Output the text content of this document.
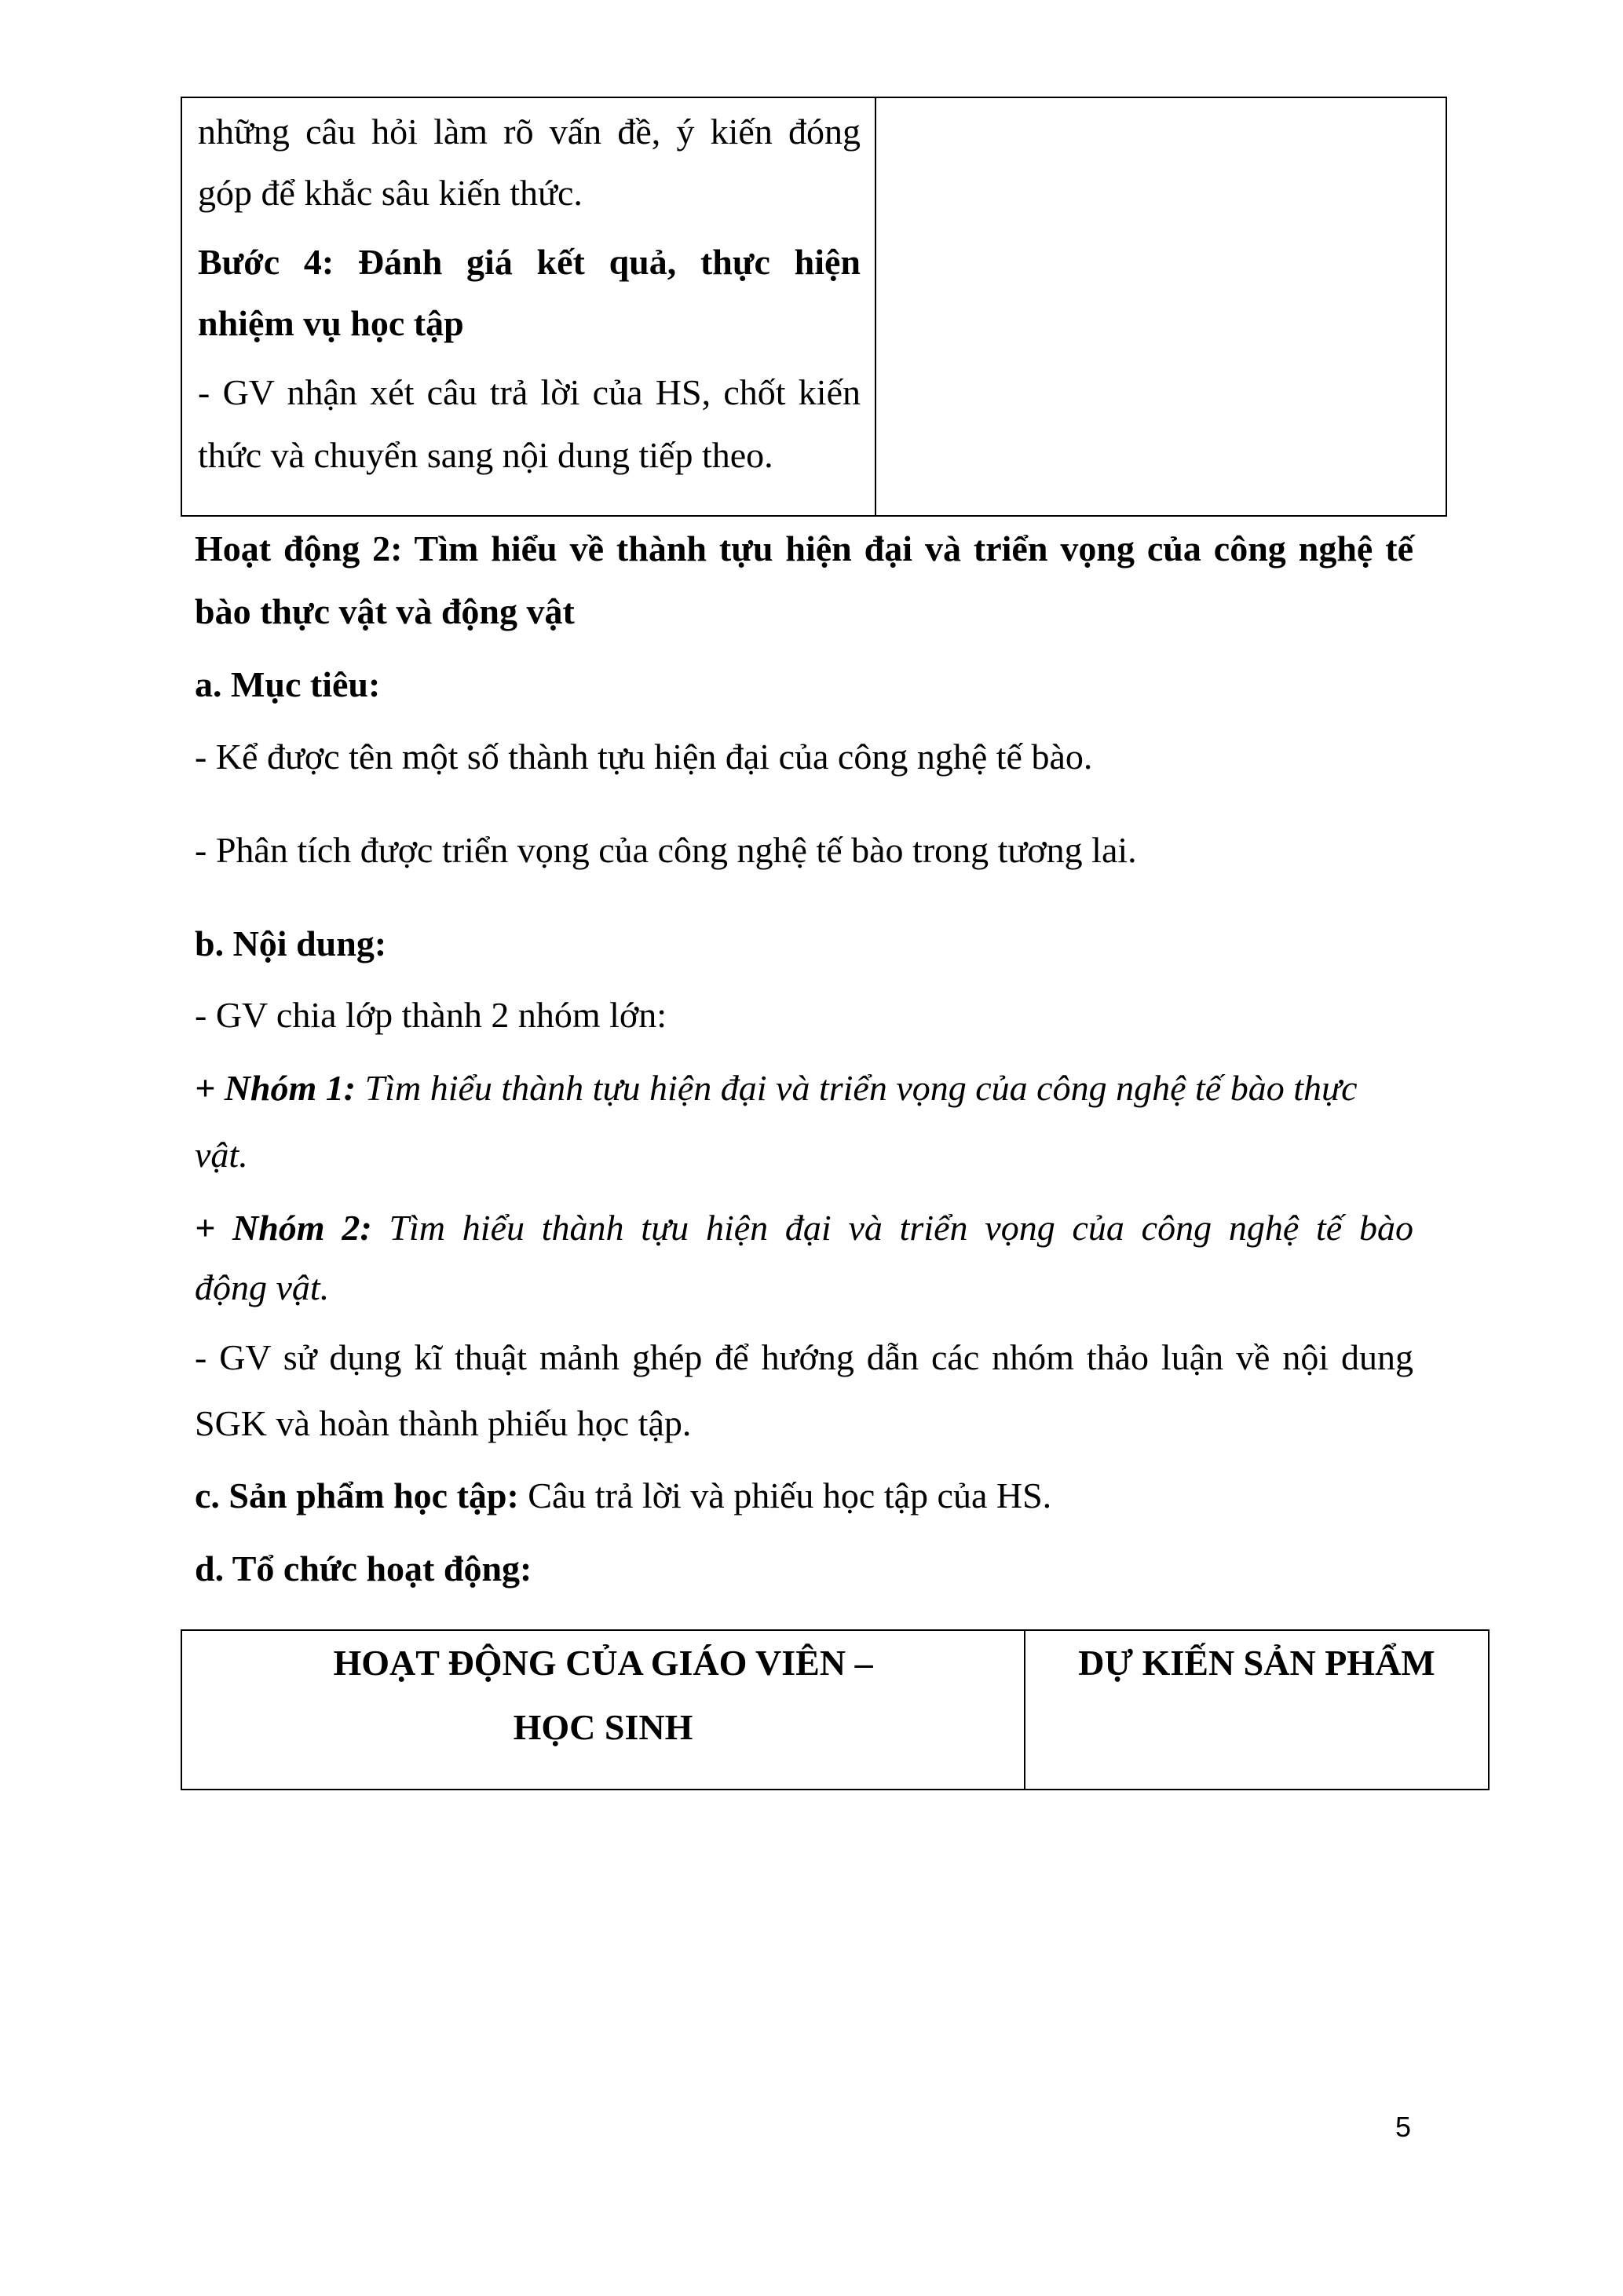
những câu hỏi làm rõ vấn đề, ý kiến đóng
góp để khắc sâu kiến thức.
Bước 4: Đánh giá kết quả, thực hiện
nhiệm vụ học tập
- GV nhận xét câu trả lời của HS, chốt kiến
thức và chuyển sang nội dung tiếp theo.
Hoạt động 2: Tìm hiểu về thành tựu hiện đại và triển vọng của công nghệ tế
bào thực vật và động vật
a. Mục tiêu:
- Kể được tên một số thành tựu hiện đại của công nghệ tế bào.
- Phân tích được triển vọng của công nghệ tế bào trong tương lai.
b. Nội dung:
- GV chia lớp thành 2 nhóm lớn:
+ Nhóm 1: Tìm hiểu thành tựu hiện đại và triển vọng của công nghệ tế bào thực
vật.
+ Nhóm 2: Tìm hiểu thành tựu hiện đại và triển vọng của công nghệ tế bào
động vật.
- GV sử dụng kĩ thuật mảnh ghép để hướng dẫn các nhóm thảo luận về nội dung
SGK và hoàn thành phiếu học tập.
c. Sản phẩm học tập: Câu trả lời và phiếu học tập của HS.
d. Tổ chức hoạt động:
HOẠT ĐỘNG CỦA GIÁO VIÊN –
HỌC SINH
DỰ KIẾN SẢN PHẨM
5
